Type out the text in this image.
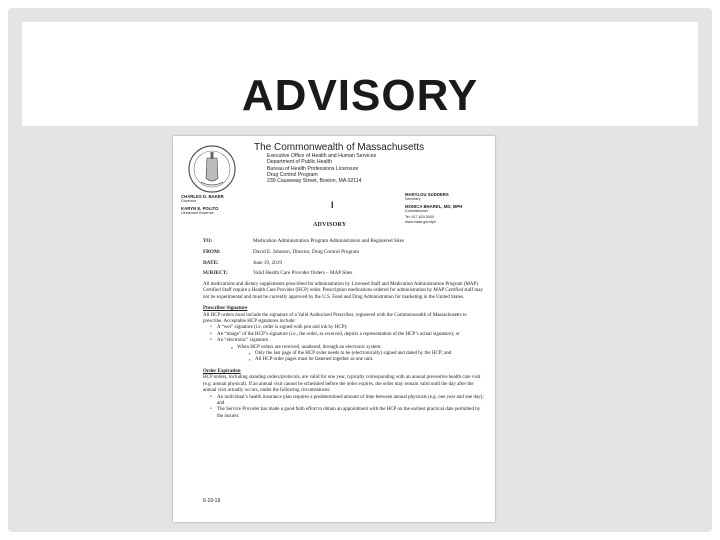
ADVISORY
The Commonwealth of Massachusetts
Executive Office of Health and Human Services
Department of Public Health
Bureau of Health Professions Licensure
Drug Control Program
239 Causeway Street, Boston, MA 02114
CHARLES D. BAKER
Governor
KARYN E. POLITO
Lieutenant Governor
I
MARYLOU SUDDERS
Secretary
MONICA BHAREL, MD, MPH
Commissioner
Tel: 617-624-5000
www.mass.gov/dph
ADVISORY
TO:	Medication Administration Program Administrators and Registered Sites
FROM:	David E. Johnson, Director, Drug Control Program
DATE:	June 19, 2019
SUBJECT:	Valid Health Care Provider Orders – MAP Sites

All medications and dietary supplements prescribed for administration by Licensed Staff and Medication Administration Program (MAP) Certified Staff require a Health Care Provider (HCP) order. Prescription medications ordered for administration by MAP Certified staff may not be experimental and must be currently approved by the U.S. Food and Drug Administration for marketing in the United States.

Prescriber Signature

All HCP orders must include the signature of a Valid Authorized Prescriber, registered with the Commonwealth of Massachusetts to prescribe. Acceptable HCP signatures include:

• A “wet” signature (i.e. order is signed with pen and ink by HCP);
• An “image” of the HCP’s signature (i.e., the order, as received, depicts a representation of the HCP’s actual signature); or
• An “electronic” signature.
o When HCP orders are received, unaltered, through an electronic system:
▪ Only the last page of the HCP order needs to be (electronically) signed and dated by the HCP; and
▪ All HCP order pages must be fastened together as one unit.
Order Expiration

HCP orders, including standing orders/protocols, are valid for one year, typically corresponding with an annual preventive health care visit (e.g. annual physical). If an annual visit cannot be scheduled before the order expires, the order may remain valid until the day after the annual visit actually occurs, under the following circumstances:

• An individual’s health insurance plan requires a predetermined amount of time between annual physicals (e.g. one year and one day); and
• The Service Provider has made a good faith effort to obtain an appointment with the HCP on the earliest practical date permitted by the insurer.
6-19-19
